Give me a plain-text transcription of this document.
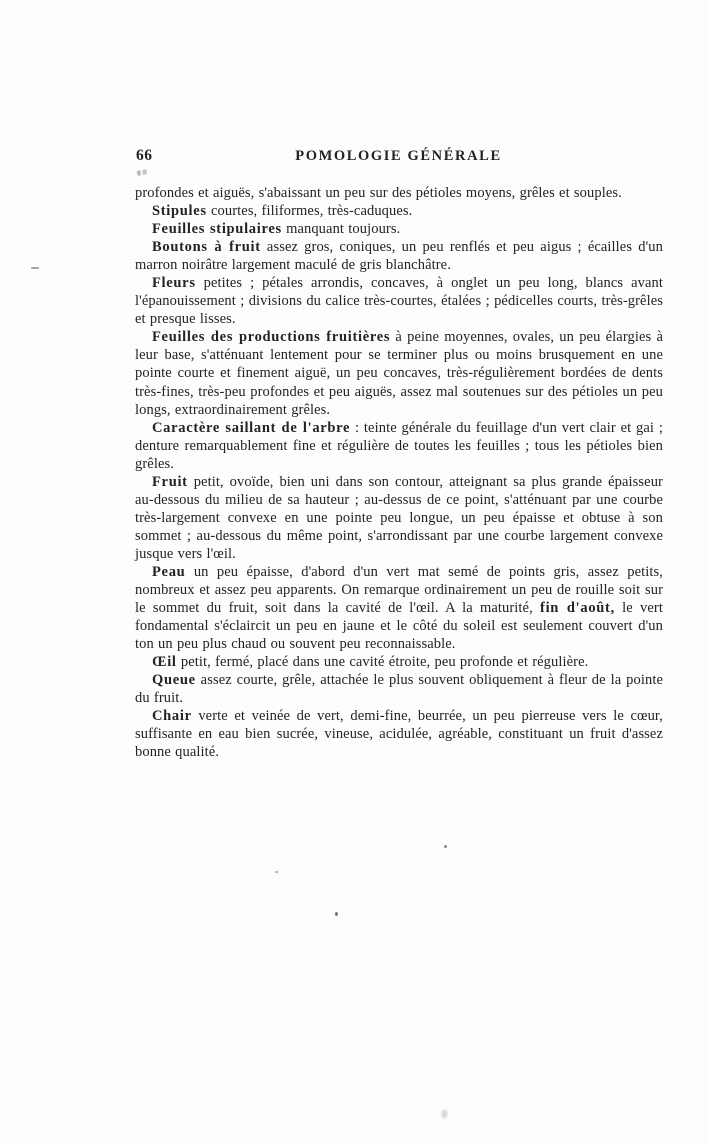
66	POMOLOGIE GÉNÉRALE

profondes et aiguës, s'abaissant un peu sur des pétioles moyens, grêles et souples.

Stipules courtes, filiformes, très-caduques.

Feuilles stipulaires manquant toujours.

Boutons à fruit assez gros, coniques, un peu renflés et peu aigus ; écailles d'un marron noirâtre largement maculé de gris blanchâtre.

Fleurs petites ; pétales arrondis, concaves, à onglet un peu long, blancs avant l'épanouissement ; divisions du calice très-courtes, étalées ; pédicelles courts, très-grêles et presque lisses.

Feuilles des productions fruitières à peine moyennes, ovales, un peu élargies à leur base, s'atténuant lentement pour se terminer plus ou moins brusquement en une pointe courte et finement aiguë, un peu concaves, très-régulièrement bordées de dents très-fines, très-peu profondes et peu aiguës, assez mal soutenues sur des pétioles un peu longs, extraordinairement grêles.

Caractère saillant de l'arbre : teinte générale du feuillage d'un vert clair et gai ; denture remarquablement fine et régulière de toutes les feuilles ; tous les pétioles bien grêles.

Fruit petit, ovoïde, bien uni dans son contour, atteignant sa plus grande épaisseur au-dessous du milieu de sa hauteur ; au-dessus de ce point, s'atténuant par une courbe très-largement convexe en une pointe peu longue, un peu épaisse et obtuse à son sommet ; au-dessous du même point, s'arrondissant par une courbe largement convexe jusque vers l'œil.

Peau un peu épaisse, d'abord d'un vert mat semé de points gris, assez petits, nombreux et assez peu apparents. On remarque ordinairement un peu de rouille soit sur le sommet du fruit, soit dans la cavité de l'œil. A la maturité, fin d'août, le vert fondamental s'éclaircit un peu en jaune et le côté du soleil est seulement couvert d'un ton un peu plus chaud ou souvent peu reconnaissable.

Œil petit, fermé, placé dans une cavité étroite, peu profonde et régulière.

Queue assez courte, grêle, attachée le plus souvent obliquement à fleur de la pointe du fruit.

Chair verte et veinée de vert, demi-fine, beurrée, un peu pierreuse vers le cœur, suffisante en eau bien sucrée, vineuse, acidulée, agréable, constituant un fruit d'assez bonne qualité.
